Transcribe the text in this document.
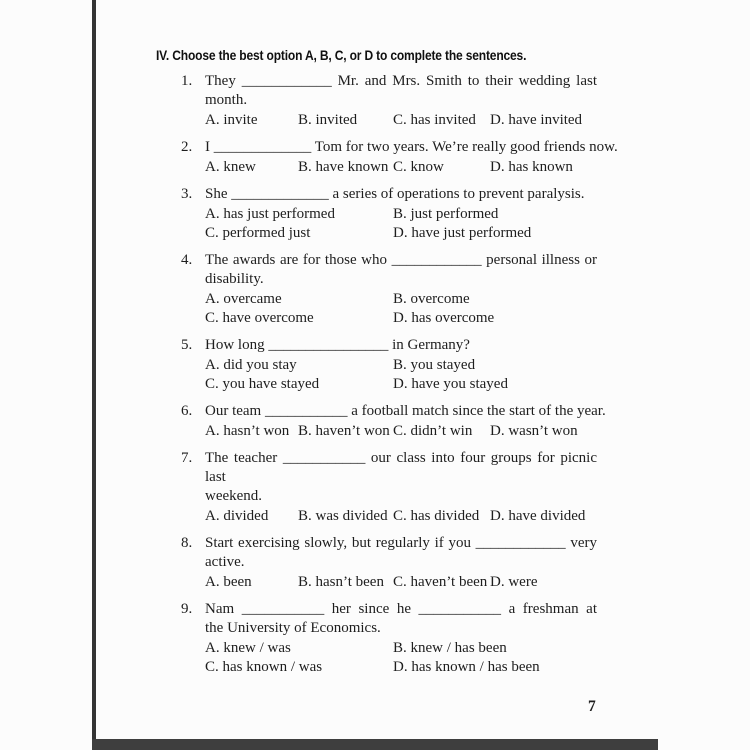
IV. Choose the best option A, B, C, or D to complete the sentences.
1. They ____________ Mr. and Mrs. Smith to their wedding last
month.
A. invite	B. invited	C. has invited D. have invited
2. I _____________ Tom for two years. We’re really good friends now.
A. knew	B. have known C. know	D. has known
3. She _____________ a series of operations to prevent paralysis.
A. has just performed	B. just performed
C. performed just	D. have just performed
4. The awards are for those who ____________ personal illness or
disability.
A. overcame	B. overcome
C. have overcome	D. has overcome
5. How long ________________ in Germany?
A. did you stay	B. you stayed
C. you have stayed	D. have you stayed
6. Our team ___________ a football match since the start of the year.
A. hasn’t won B. haven’t won C. didn’t win	D. wasn’t won
7. The teacher ___________ our class into four groups for picnic last
weekend.
A. divided	B. was divided C. has divided D. have divided
8. Start exercising slowly, but regularly if you ____________ very
active.
A. been	B. hasn’t been C. haven’t been D. were
9. Nam ___________ her since he ___________ a freshman at
the University of Economics.
A. knew / was	B. knew / has been
C. has known / was	D. has known / has been
7
